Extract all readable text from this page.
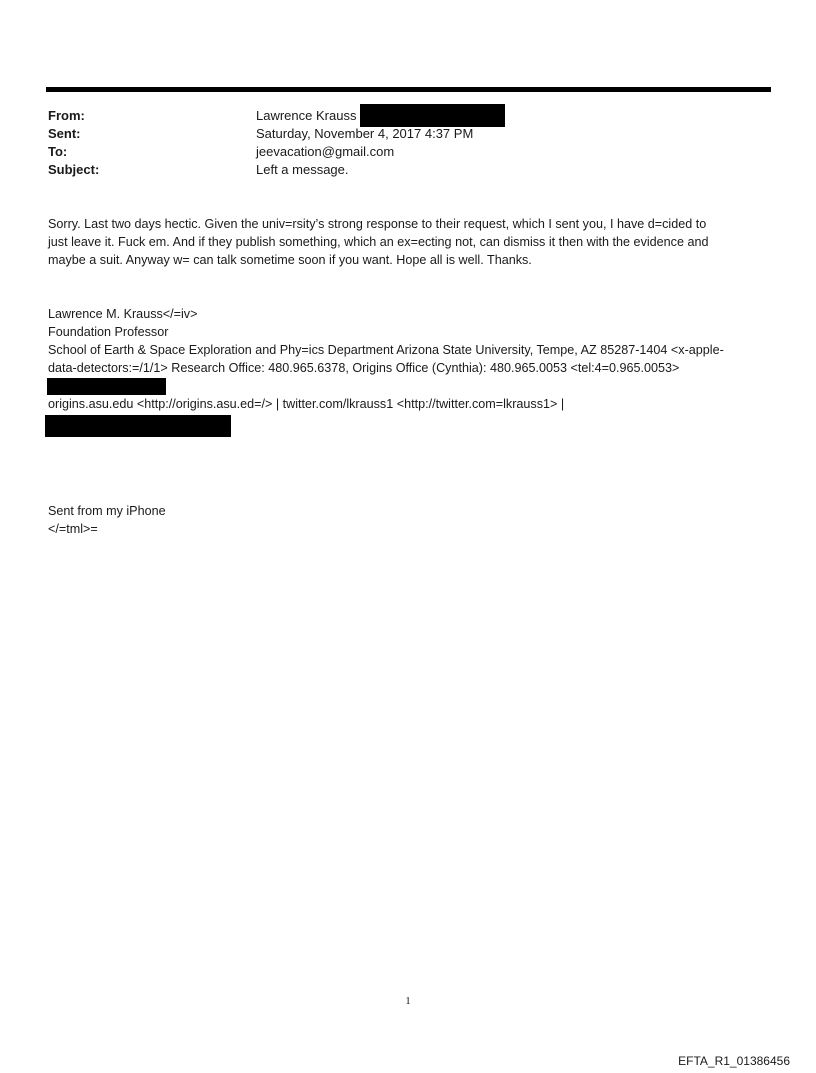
From:	Lawrence Krauss
Sent:	Saturday, November 4, 2017 4:37 PM
To:	jeevacation@gmail.com
Subject:	Left a message.
Sorry. Last two days hectic. Given the univ=rsity’s strong response to their request, which I sent you, I have d=cided to
just leave it. Fuck em. And if they publish something, which an ex=ecting not, can dismiss it then with the evidence and
maybe a suit. Anyway w= can talk sometime soon if you want. Hope all is well. Thanks.
Lawrence M. Krauss</=iv>
Foundation Professor
School of Earth & Space Exploration and Phy=ics Department Arizona State University, Tempe, AZ 85287-1404 <x-apple-
data-detectors:=/1/1> Research Office: 480.965.6378, Origins Office (Cynthia): 480.965.0053 <tel:4=0.965.0053>
origins.asu.edu <http://origins.asu.ed=/> | twitter.com/lkrauss1 <http://twitter.com=lkrauss1> |
Sent from my iPhone
</=tml>=
1
EFTA_R1_01386456
